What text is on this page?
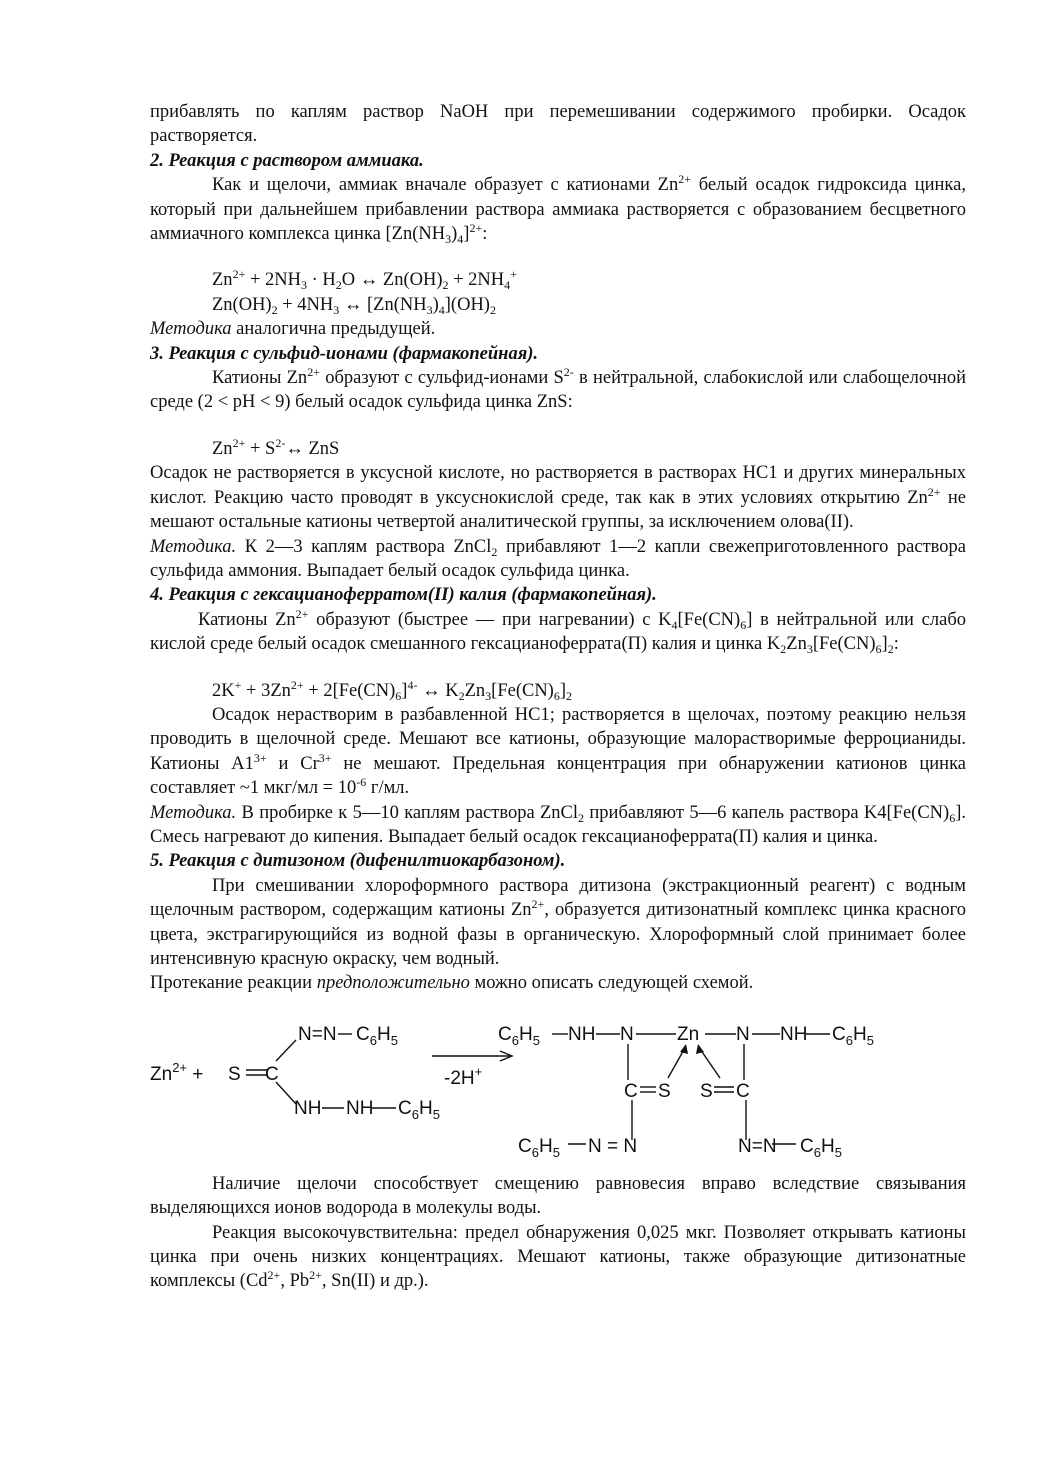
прибавлять по каплям раствор NaOH при перемешивании содержимого пробирки. Осадок растворяется.

2. Реакция с раствором аммиака.

Как и щелочи, аммиак вначале образует с катионами $Zn^{2+}$ белый осадок гидроксида цинка, который при дальнейшем прибавлении раствора аммиака растворяется с образованием бесцветного аммиачного комплекса цинка $[Zn(NH_3)_4]^{2+}$:

$Zn^{2+} + 2NH_3 \cdot H_2O$ ↔ $Zn(OH)_2 + 2NH_4^+$
$Zn(OH)_2 + 4NH_3$ ↔ $[Zn(NH_3)_4](OH)_2$

Методика аналогична предыдущей.

3. Реакция с сульфид-ионами (фармакопейная).

Катионы $Zn^{2+}$ образуют с сульфид-ионами $S^{2-}$ в нейтральной, слабокислой или слабощелочной среде (2 < pH < 9) белый осадок сульфида цинка ZnS:

$Zn^{2+}$ + $S^{2-}\leftrightarrow$ ZnS

Осадок не растворяется в уксусной кислоте, но растворяется в растворах НС1 и других минеральных кислот. Реакцию часто проводят в уксуснокислой среде, так как в этих условиях открытию $Zn^{2+}$ не мешают остальные катионы четвертой аналитической группы, за исключением олова(II).

Методика. К 2—3 каплям раствора ZnCl$_2$ прибавляют 1—2 капли свежеприготовленного раствора сульфида аммония. Выпадает белый осадок сульфида цинка.

4. Реакция с гексацианоферратом(II) калия (фармакопейная).

Катионы $Zn^{2+}$ образуют (быстрее — при нагревании) с $K_4[Fe(CN)_6]$ в нейтральной или слабо кислой среде белый осадок смешанного гексацианоферрата(П) калия и цинка $K_2Zn_3[Fe(CN)_6]_2$:

$2K^+ + 3Zn^{2+} + 2[Fe(CN)_6]^{4-}$ ↔ $K_2Zn_3[Fe(CN)_6]_2$

Осадок нерастворим в разбавленной НС1; растворяется в щелочах, поэтому реакцию нельзя проводить в щелочной среде. Мешают все катионы, образующие малорастворимые ферроцианиды. Катионы $А1^{3+}$ и $Сr^{3+}$ не мешают. Предельная концентрация при обнаружении катионов цинка составляет ~1 $мкг/мл = 10^{-6}$ г/мл.

Методика. В пробирке к 5—10 каплям раствора ZnCl$_2$ прибавляют 5—6 капель раствора $K4[Fe(CN)_6]$. Смесь нагревают до кипения. Выпадает белый осадок гексацианоферрата(П) калия и цинка.

5. Реакция с дитизоном (дифенилтиокарбазоном).

При смешивании хлороформного раствора дитизона (экстракционный реагент) с водным щелочным раствором, содержащим катионы $Zn^{2+}$, образуется дитизонатный комплекс цинка красного цвета, экстрагирующийся из водной фазы в органическую. Хлороформный слой принимает более интенсивную красную окраску, чем водный.

Протекание реакции предположительно можно описать следующей схемой.

$Zn^{2+} + S$ C
N=N $C_6H_5$
NH NH $C_6H_5$
-2H+
$C_6H_5$ NH N Zn N NH $C_6H_5$
C S S C
$C_6H_5$ N = N	N=N $C_6H_5$

Наличие щелочи способствует смещению равновесия вправо вследствие связывания выделяющихся ионов водорода в молекулы воды.

Реакция высокочувствительна: предел обнаружения 0,025 мкг. Позволяет открывать катионы цинка при очень низких концентрациях. Мешают катионы, также образующие дитизонатные комплексы ($Cd^{2+}$, $Pb^{2+}$, Sn(II) и др.).
